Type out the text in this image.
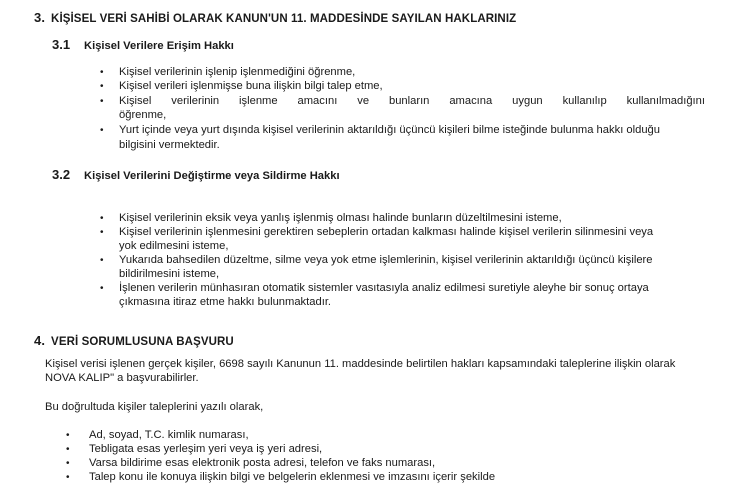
3. KİŞİSEL VERİ SAHİBİ OLARAK KANUN'UN 11. MADDESİNDE SAYILAN HAKLARINIZ
3.1 Kişisel Verilere Erişim Hakkı
• Kişisel verilerinin işlenip işlenmediğini öğrenme,
• Kişisel verileri işlenmişse buna ilişkin bilgi talep etme,
• Kişisel verilerinin işlenme amacını ve bunların amacına uygun kullanılıp kullanılmadığını
öğrenme,
• Yurt içinde veya yurt dışında kişisel verilerinin aktarıldığı üçüncü kişileri bilme isteğinde bulunma hakkı olduğu
bilgisini vermektedir.
3.2 Kişisel Verilerini Değiştirme veya Sildirme Hakkı
• Kişisel verilerinin eksik veya yanlış işlenmiş olması halinde bunların düzeltilmesini isteme,
• Kişisel verilerinin işlenmesini gerektiren sebeplerin ortadan kalkması halinde kişisel verilerin silinmesini veya
yok edilmesini isteme,
• Yukarıda bahsedilen düzeltme, silme veya yok etme işlemlerinin, kişisel verilerinin aktarıldığı üçüncü kişilere
bildirilmesini isteme,
• İşlenen verilerin münhasıran otomatik sistemler vasıtasıyla analiz edilmesi suretiyle aleyhe bir sonuç ortaya
çıkmasına itiraz etme hakkı bulunmaktadır.
4. VERİ SORUMLUSUNA BAŞVURU
Kişisel verisi işlenen gerçek kişiler, 6698 sayılı Kanunun 11. maddesinde belirtilen hakları kapsamındaki taleplerine ilişkin olarak
NOVA KALIP" a başvurabilirler.
Bu doğrultuda kişiler taleplerini yazılı olarak,
• Ad, soyad, T.C. kimlik numarası,
• Tebligata esas yerleşim yeri veya iş yeri adresi,
• Varsa bildirime esas elektronik posta adresi, telefon ve faks numarası,
• Talep konu ile konuya ilişkin bilgi ve belgelerin eklenmesi ve imzasını içerir şekilde
